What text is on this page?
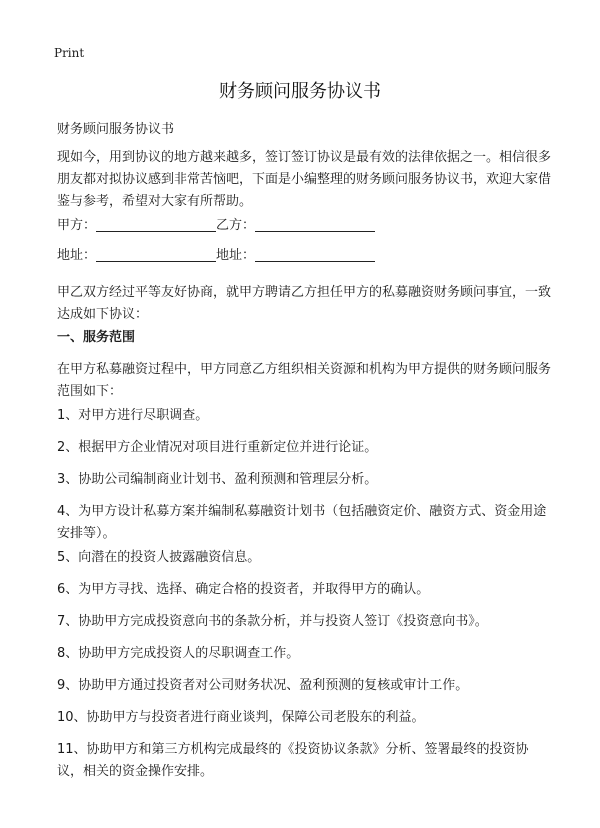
Print
财务顾问服务协议书

财务顾问服务协议书

现如今，用到协议的地方越来越多，签订签订协议是最有效的法律依据之一。相信很多朋友都对拟协议感到非常苦恼吧，下面是小编整理的财务顾问服务协议书，欢迎大家借鉴与参考，希望对大家有所帮助。

甲方：	乙方：
地址：	地址：

甲乙双方经过平等友好协商，就甲方聘请乙方担任甲方的私募融资财务顾问事宜，一致达成如下协议：

一、服务范围

在甲方私募融资过程中，甲方同意乙方组织相关资源和机构为甲方提供的财务顾问服务范围如下：

1、对甲方进行尽职调查。

2、根据甲方企业情况对项目进行重新定位并进行论证。

3、协助公司编制商业计划书、盈利预测和管理层分析。

4、为甲方设计私募方案并编制私募融资计划书（包括融资定价、融资方式、资金用途安排等）。

5、向潜在的投资人披露融资信息。

6、为甲方寻找、选择、确定合格的投资者，并取得甲方的确认。

7、协助甲方完成投资意向书的条款分析，并与投资人签订《投资意向书》。

8、协助甲方完成投资人的尽职调查工作。

9、协助甲方通过投资者对公司财务状况、盈利预测的复核或审计工作。

10、协助甲方与投资者进行商业谈判，保障公司老股东的利益。

11、协助甲方和第三方机构完成最终的《投资协议条款》分析、签署最终的投资协议，相关的资金操作安排。
